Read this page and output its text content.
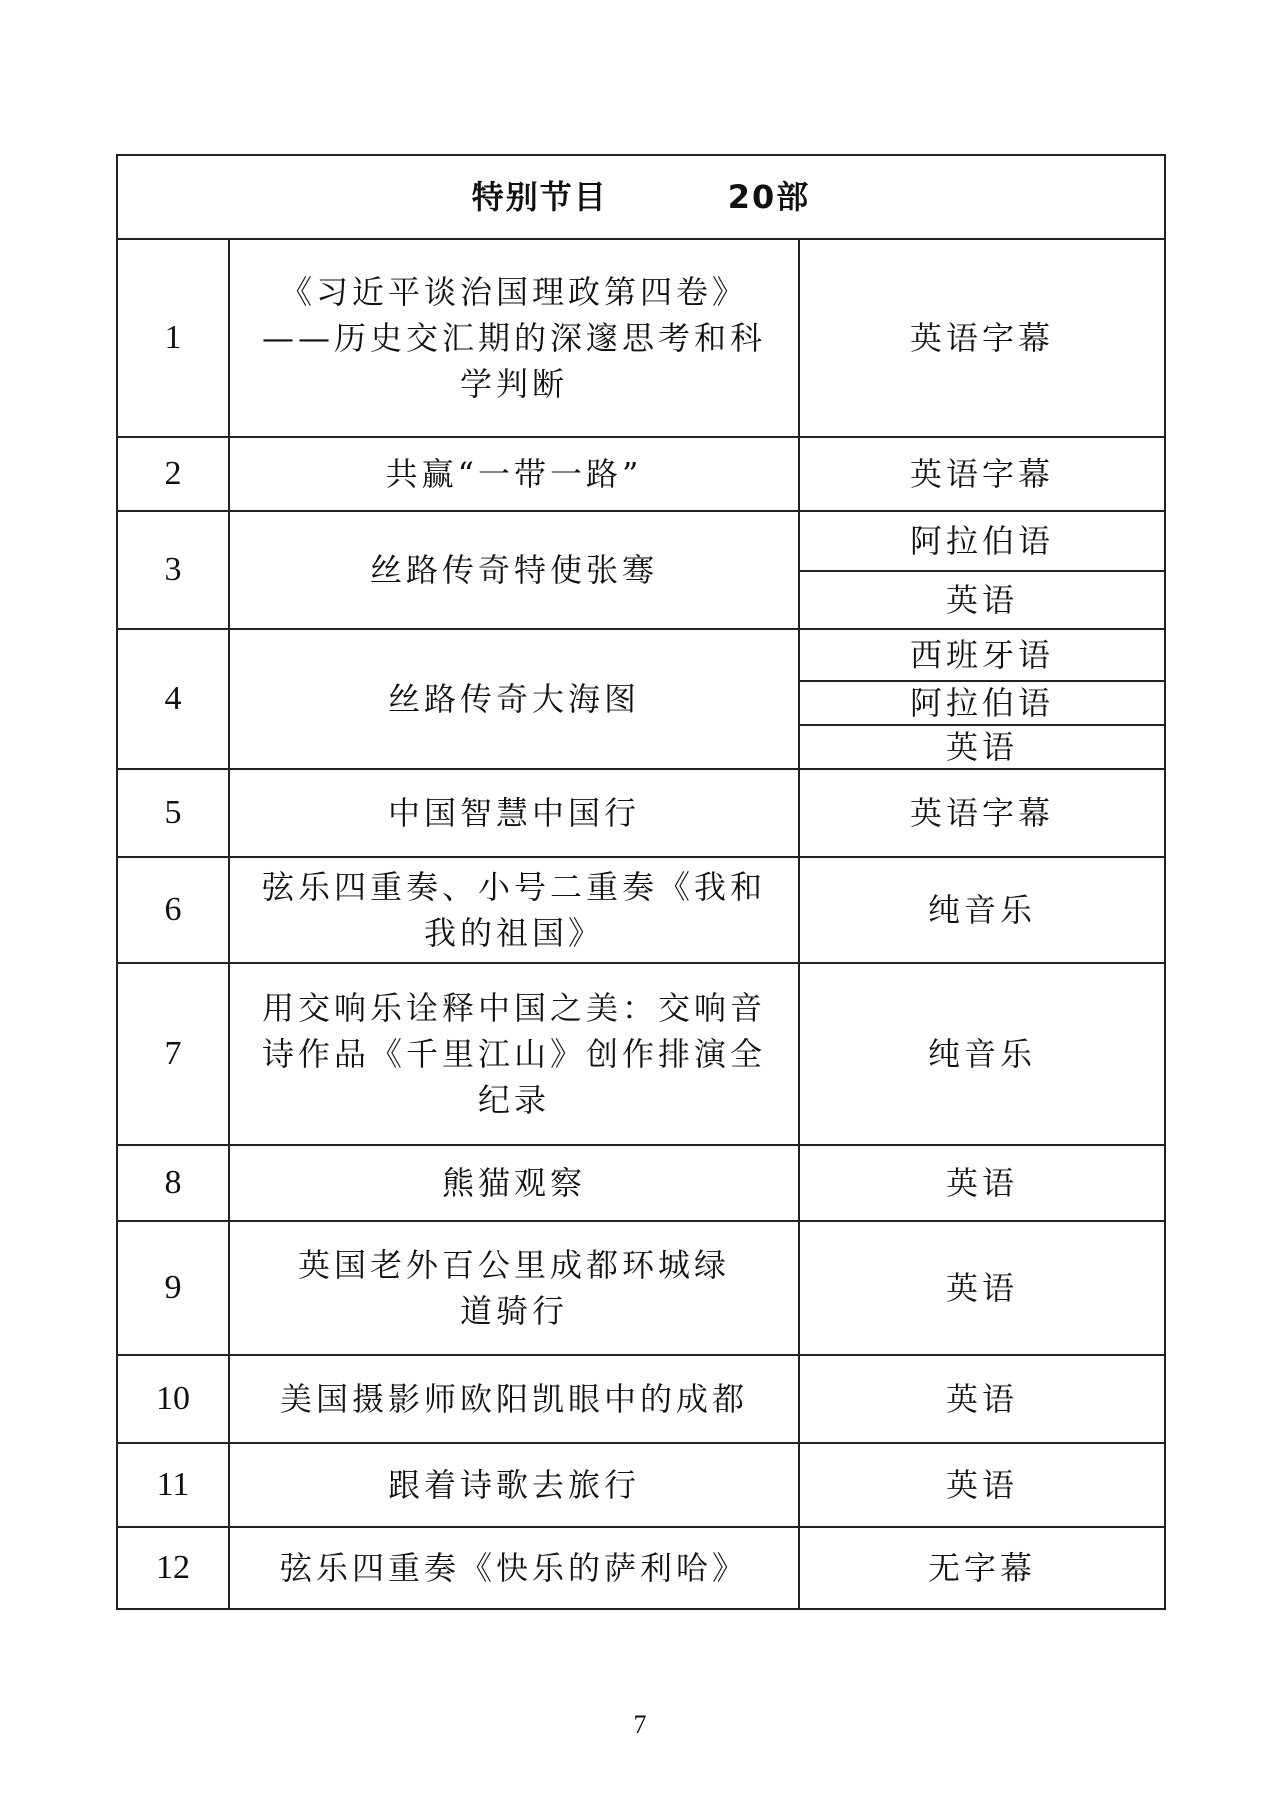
特别节目 20部		
1	《习近平谈治国理政第四卷》——历史交汇期的深邃思考和科学判断	英语字幕
2	共赢“一带一路”	英语字幕
3	丝路传奇特使张骞	阿拉伯语
英语

4	丝路传奇大海图	西班牙语
阿拉伯语
英语

5	中国智慧中国行	英语字幕
6	弦乐四重奏、小号二重奏《我和我的祖国》	纯音乐
7	用交响乐诠释中国之美：交响音诗作品《千里江山》创作排演全纪录	纯音乐
8	熊猫观察	英语
9	英国老外百公里成都环城绿道骑行	英语
10	美国摄影师欧阳凯眼中的成都	英语
11	跟着诗歌去旅行	英语
12	弦乐四重奏《快乐的萨利哈》	无字幕
7
